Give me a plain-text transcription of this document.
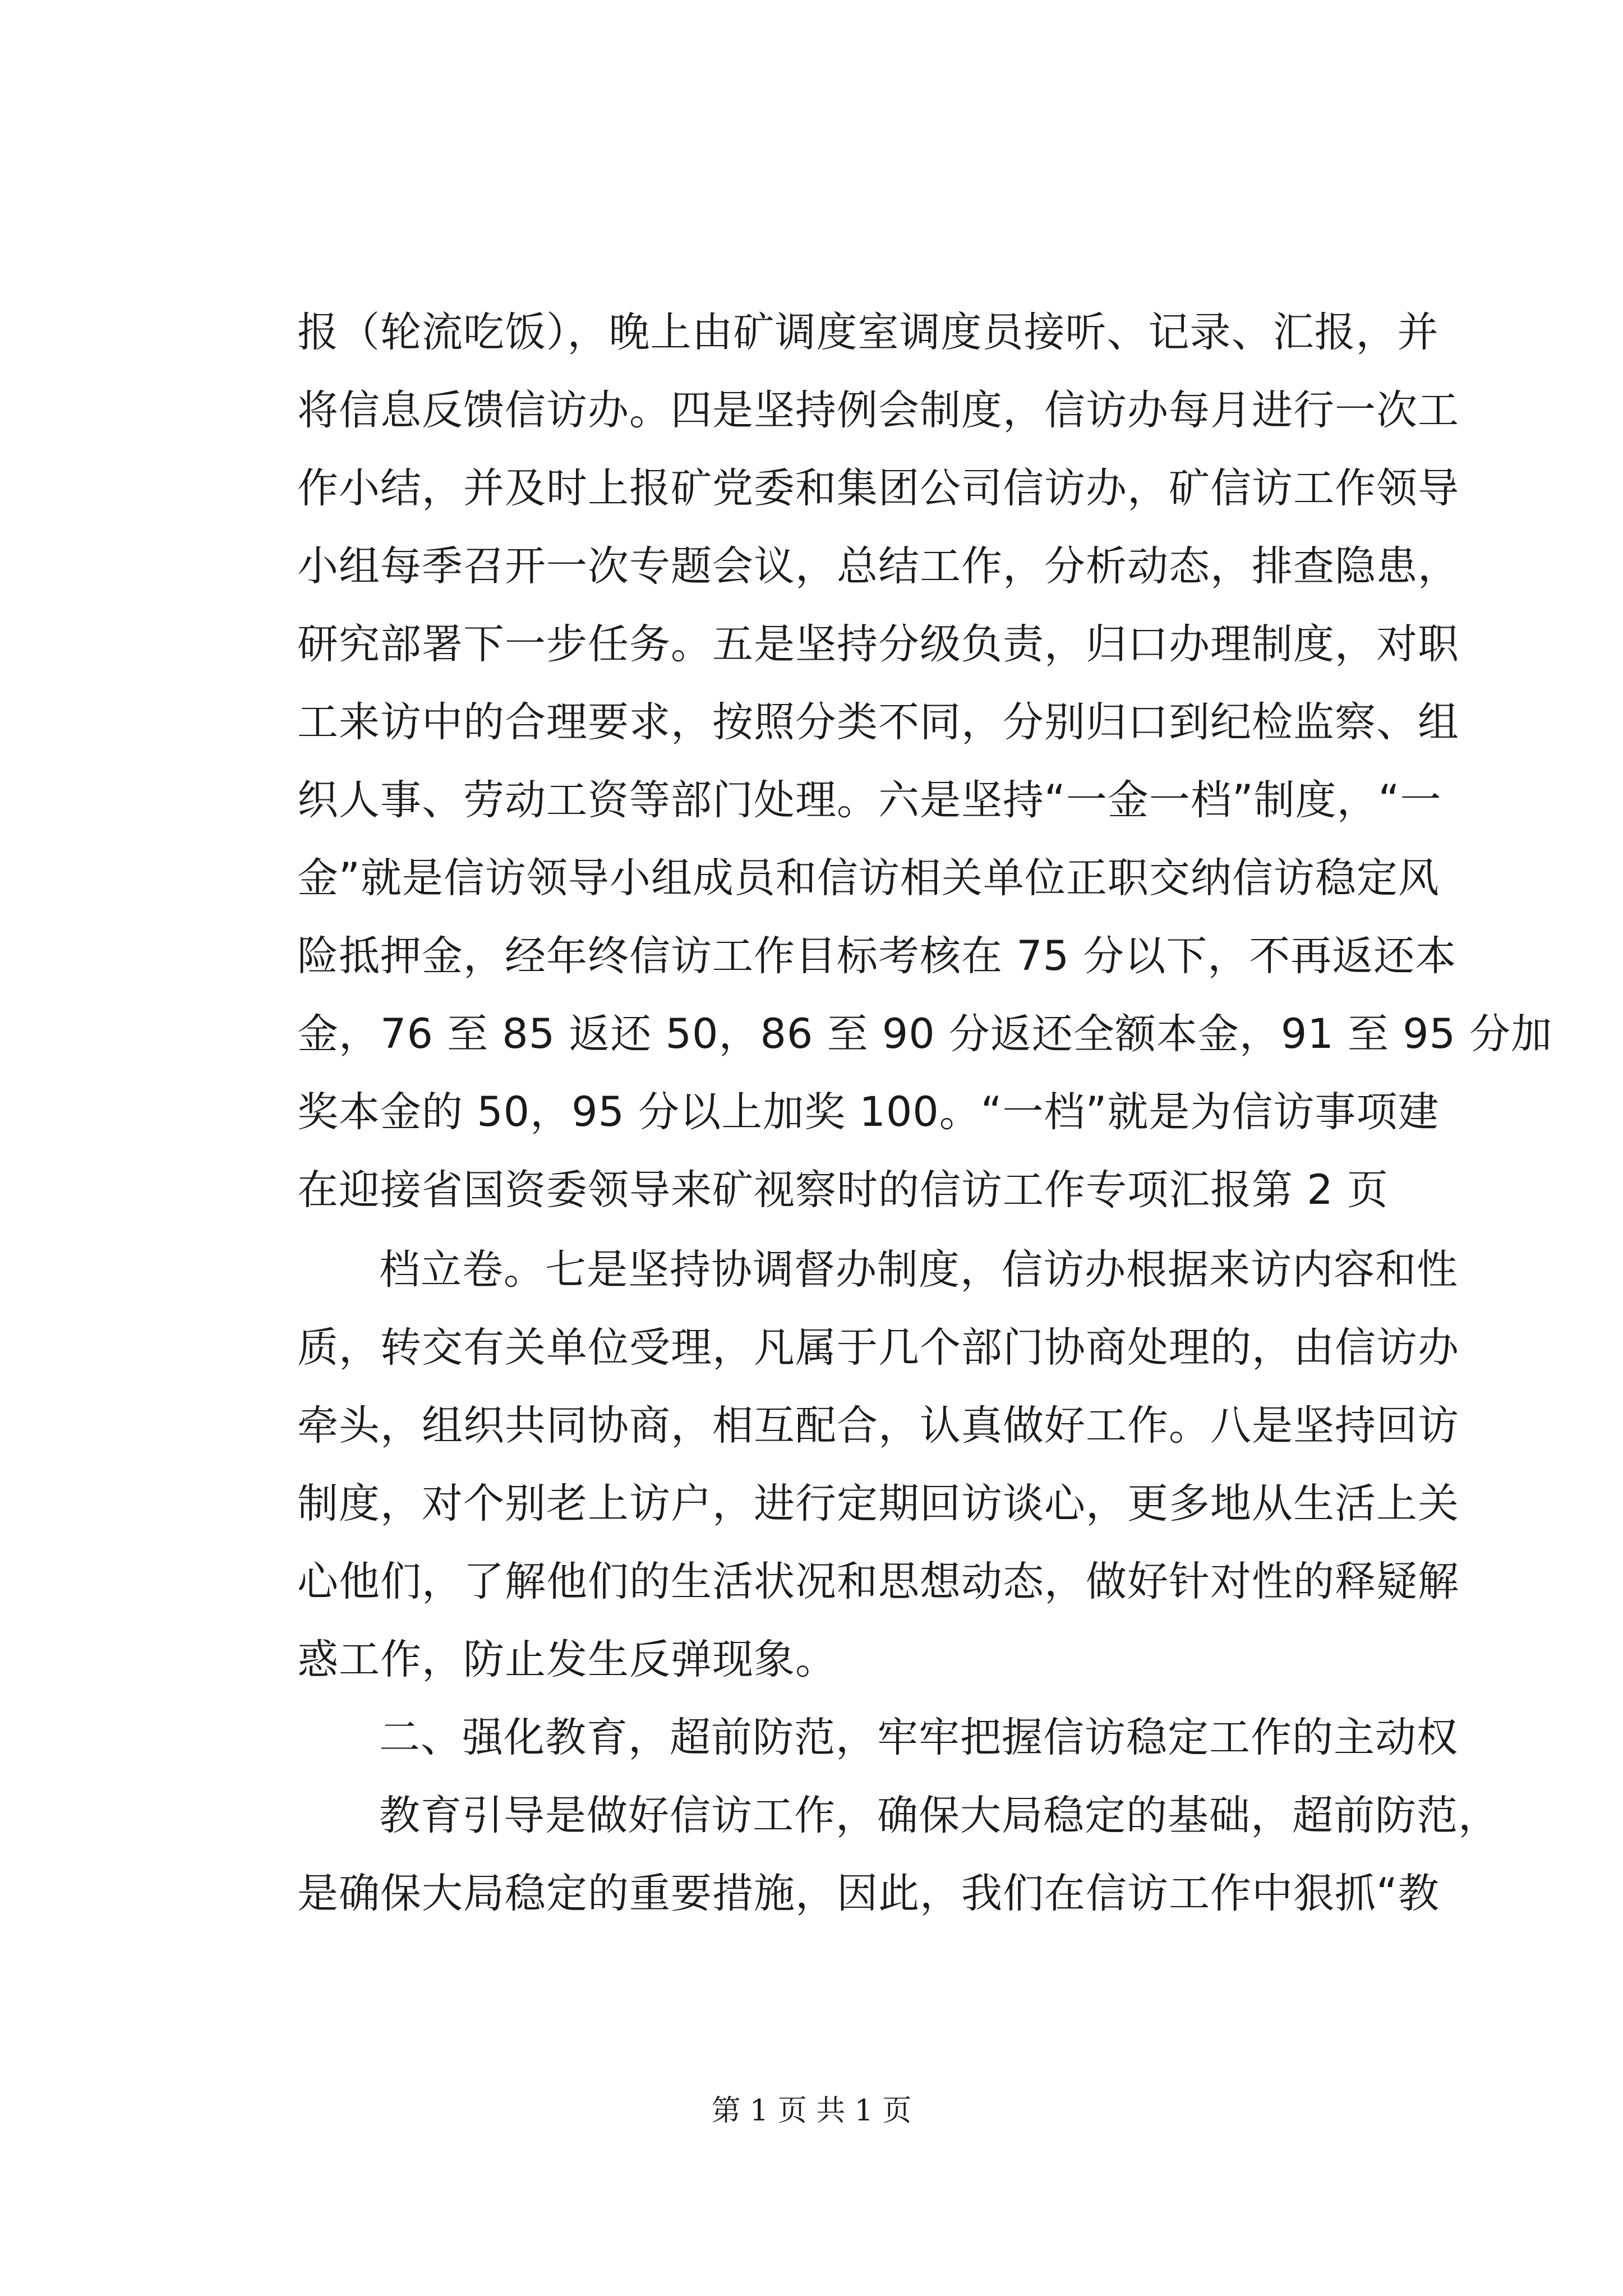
报（轮流吃饭），晚上由矿调度室调度员接听、记录、汇报，并
将信息反馈信访办。四是坚持例会制度，信访办每月进行一次工
作小结，并及时上报矿党委和集团公司信访办，矿信访工作领导
小组每季召开一次专题会议，总结工作，分析动态，排查隐患，
研究部署下一步任务。五是坚持分级负责，归口办理制度，对职
工来访中的合理要求，按照分类不同，分别归口到纪检监察、组
织人事、劳动工资等部门处理。六是坚持“一金一档”制度，“一
金”就是信访领导小组成员和信访相关单位正职交纳信访稳定风
险抵押金，经年终信访工作目标考核在 75 分以下，不再返还本
金，76 至 85 返还 50，86 至 90 分返还全额本金，91 至 95 分加
奖本金的 50，95 分以上加奖 100。“一档”就是为信访事项建
在迎接省国资委领导来矿视察时的信访工作专项汇报第 2 页
档立卷。七是坚持协调督办制度，信访办根据来访内容和性
质，转交有关单位受理，凡属于几个部门协商处理的，由信访办
牵头，组织共同协商，相互配合，认真做好工作。八是坚持回访
制度，对个别老上访户，进行定期回访谈心，更多地从生活上关
心他们，了解他们的生活状况和思想动态，做好针对性的释疑解
惑工作，防止发生反弹现象。
二、强化教育，超前防范，牢牢把握信访稳定工作的主动权
教育引导是做好信访工作，确保大局稳定的基础，超前防范，
是确保大局稳定的重要措施，因此，我们在信访工作中狠抓“教
第 1 页 共 1 页
